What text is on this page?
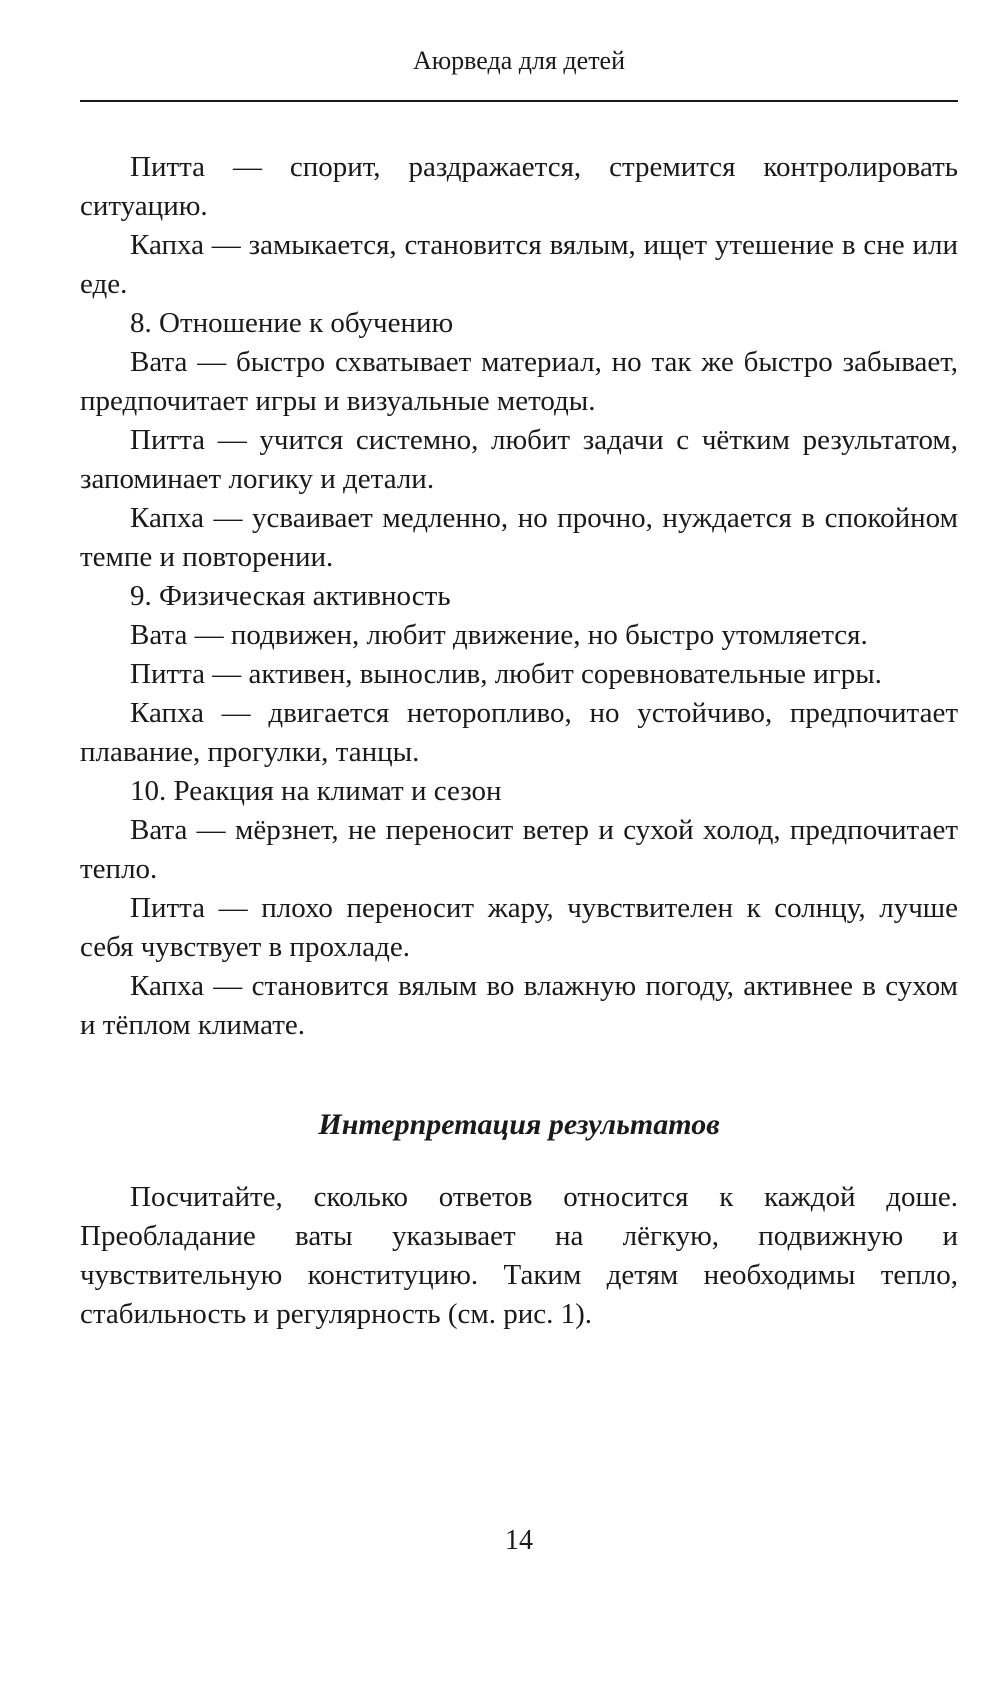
Аюрведа для детей

Питта — спорит, раздражается, стремится контролировать ситуацию.

Капха — замыкается, становится вялым, ищет утешение в сне или еде.

8. Отношение к обучению

Вата — быстро схватывает материал, но так же быстро забывает, предпочитает игры и визуальные методы.

Питта — учится системно, любит задачи с чётким результатом, запоминает логику и детали.

Капха — усваивает медленно, но прочно, нуждается в спокойном темпе и повторении.

9. Физическая активность

Вата — подвижен, любит движение, но быстро утомляется.

Питта — активен, вынослив, любит соревновательные игры.

Капха — двигается неторопливо, но устойчиво, предпочитает плавание, прогулки, танцы.

10. Реакция на климат и сезон

Вата — мёрзнет, не переносит ветер и сухой холод, предпочитает тепло.

Питта — плохо переносит жару, чувствителен к солнцу, лучше себя чувствует в прохладе.

Капха — становится вялым во влажную погоду, активнее в сухом и тёплом климате.

Интерпретация результатов

Посчитайте, сколько ответов относится к каждой доше. Преобладание ваты указывает на лёгкую, подвижную и чувствительную конституцию. Таким детям необходимы тепло, стабильность и регулярность (см. рис. 1).

14
